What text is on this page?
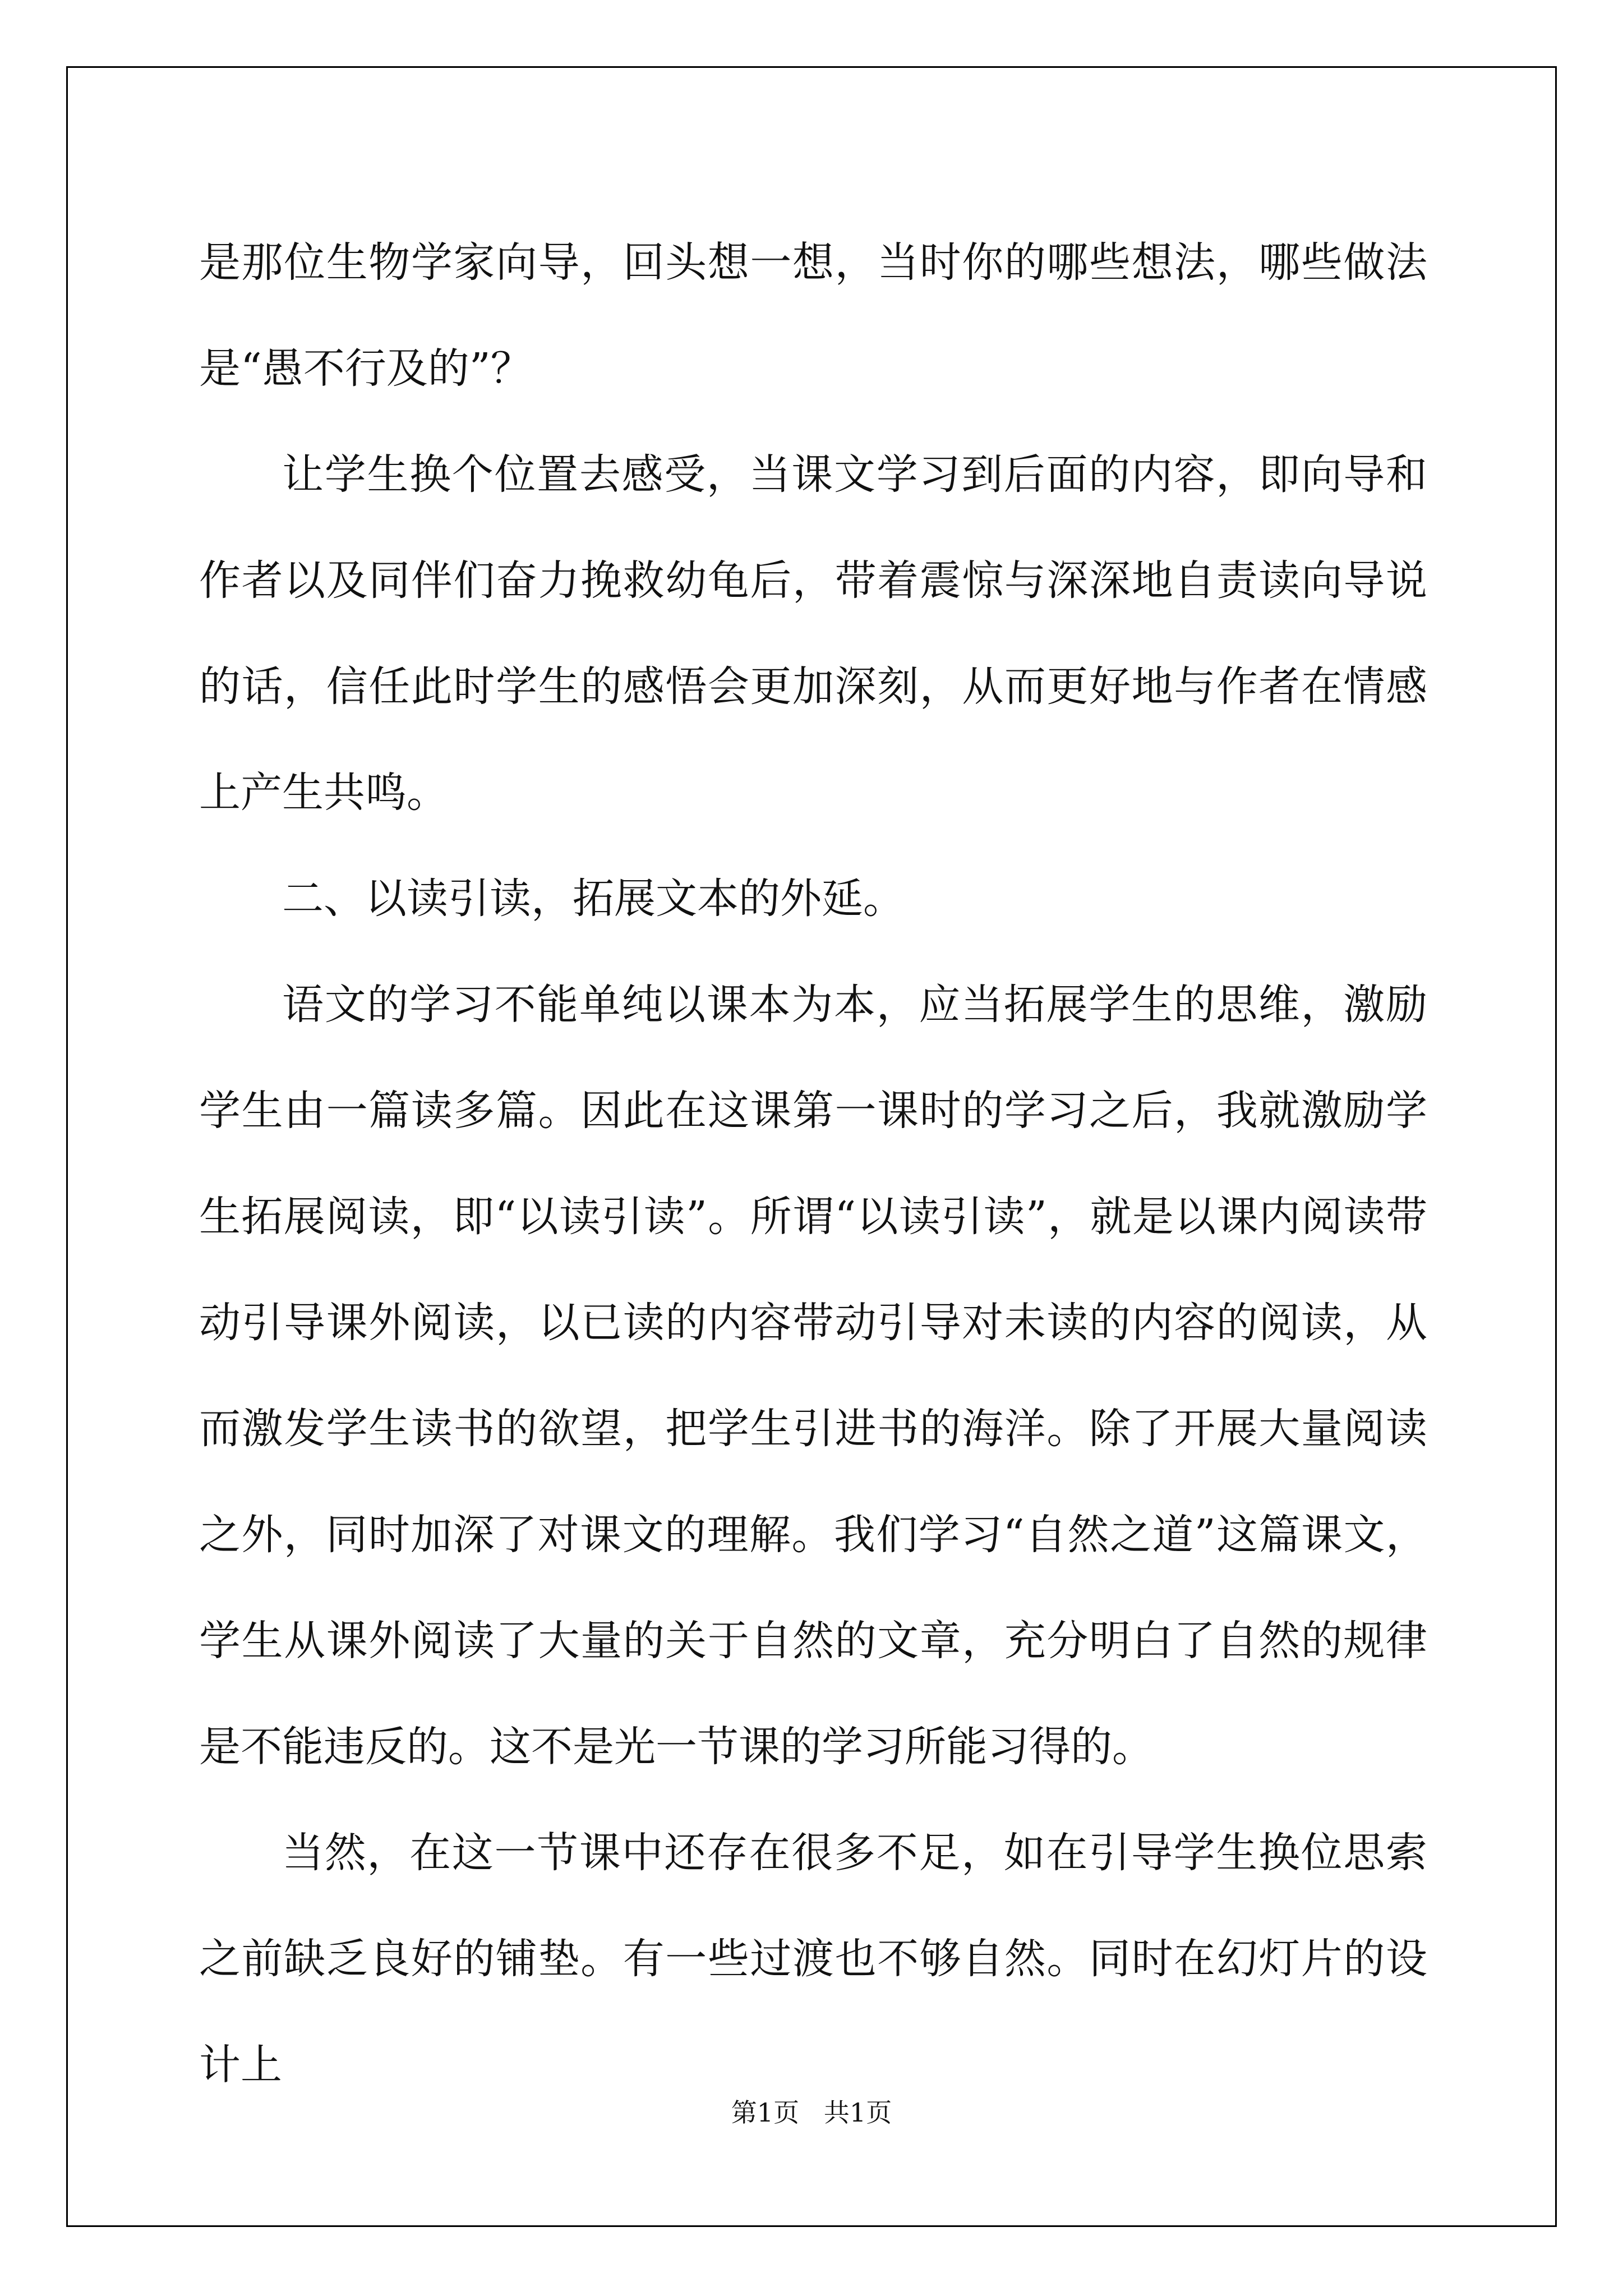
是那位生物学家向导，回头想一想，当时你的哪些想法，哪些做法是“愚不行及的”？

让学生换个位置去感受，当课文学习到后面的内容，即向导和作者以及同伴们奋力挽救幼龟后，带着震惊与深深地自责读向导说的话，信任此时学生的感悟会更加深刻，从而更好地与作者在情感上产生共鸣。

二、以读引读，拓展文本的外延。

语文的学习不能单纯以课本为本，应当拓展学生的思维，激励学生由一篇读多篇。因此在这课第一课时的学习之后，我就激励学生拓展阅读，即“以读引读”。所谓“以读引读”，就是以课内阅读带动引导课外阅读，以已读的内容带动引导对未读的内容的阅读，从而激发学生读书的欲望，把学生引进书的海洋。除了开展大量阅读之外，同时加深了对课文的理解。我们学习“自然之道”这篇课文，学生从课外阅读了大量的关于自然的文章，充分明白了自然的规律是不能违反的。这不是光一节课的学习所能习得的。

当然，在这一节课中还存在很多不足，如在引导学生换位思索之前缺乏良好的铺垫。有一些过渡也不够自然。同时在幻灯片的设计上

第1页   共1页
